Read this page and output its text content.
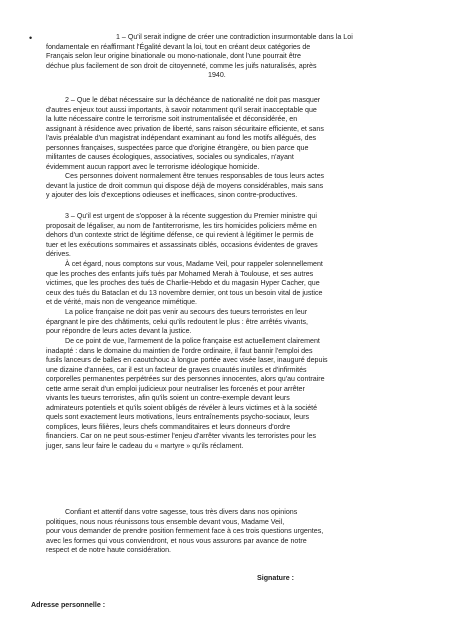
•	1 – Qu'il serait indigne de créer une contradiction insurmontable dans la Loi
fondamentale en réaffirmant l'Égalité devant la loi, tout en créant deux catégories de
Français selon leur origine binationale ou mono-nationale, dont l'une pourrait être
déchue plus facilement de son droit de citoyenneté, comme les juifs naturalisés, après
1940.

2 – Que le débat nécessaire sur la déchéance de nationalité ne doit pas masquer
d'autres enjeux tout aussi importants, à savoir notamment qu'il serait inacceptable que
la lutte nécessaire contre le terrorisme soit instrumentalisée et déconsidérée, en
assignant à résidence avec privation de liberté, sans raison sécuritaire efficiente, et sans
l'avis préalable d'un magistrat indépendant examinant au fond les motifs allégués, des
personnes françaises, suspectées parce que d'origine étrangère, ou bien parce que
militantes de causes écologiques, associatives, sociales ou syndicales, n'ayant
évidemment aucun rapport avec le terrorisme idéologique homicide.
Ces personnes doivent normalement être tenues responsables de tous leurs actes
devant la justice de droit commun qui dispose déjà de moyens considérables, mais sans
y ajouter des lois d'exceptions odieuses et inefficaces, sinon contre-productives.

3 – Qu'il est urgent de s'opposer à la récente suggestion du Premier ministre qui
proposait de légaliser, au nom de l'antiterrorisme, les tirs homicides policiers même en
dehors d'un contexte strict de légitime défense, ce qui revient à légitimer le permis de
tuer et les exécutions sommaires et assassinats ciblés, occasions évidentes de graves
dérives.

À cet égard, nous comptons sur vous, Madame Veil, pour rappeler solennellement
que les proches des enfants juifs tués par Mohamed Merah à Toulouse, et ses autres
victimes, que les proches des tués de Charlie-Hebdo et du magasin Hyper Cacher, que
ceux des tués du Bataclan et du 13 novembre dernier, ont tous un besoin vital de justice
et de vérité, mais non de vengeance mimétique.

La police française ne doit pas venir au secours des tueurs terroristes en leur
épargnant le pire des châtiments, celui qu'ils redoutent le plus : être arrêtés vivants,
pour répondre de leurs actes devant la justice.

De ce point de vue, l'armement de la police française est actuellement clairement
inadapté : dans le domaine du maintien de l'ordre ordinaire, il faut bannir l'emploi des
fusils lanceurs de balles en caoutchouc à longue portée avec visée laser, inauguré depuis
une dizaine d'années, car il est un facteur de graves cruautés inutiles et d'infirmités
corporelles permanentes perpétrées sur des personnes innocentes, alors qu'au contraire
cette arme serait d'un emploi judicieux pour neutraliser les forcenés et pour arrêter
vivants les tueurs terroristes, afin qu'ils soient un contre-exemple devant leurs
admirateurs potentiels et qu'ils soient obligés de révéler à leurs victimes et à la société
quels sont exactement leurs motivations, leurs entraînements psycho-sociaux, leurs
complices, leurs filières, leurs chefs commanditaires et leurs donneurs d'ordre
financiers. Car on ne peut sous-estimer l'enjeu d'arrêter vivants les terroristes pour les
juger, sans leur faire le cadeau du « martyre » qu'ils réclament.

Confiant et attentif dans votre sagesse, tous très divers dans nos opinions
politiques, nous nous réunissons tous ensemble devant vous, Madame Veil,
pour vous demander de prendre position fermement face à ces trois questions urgentes,
avec les formes qui vous conviendront, et nous vous assurons par avance de notre
respect et de notre haute considération.

Signature :
Adresse personnelle :
